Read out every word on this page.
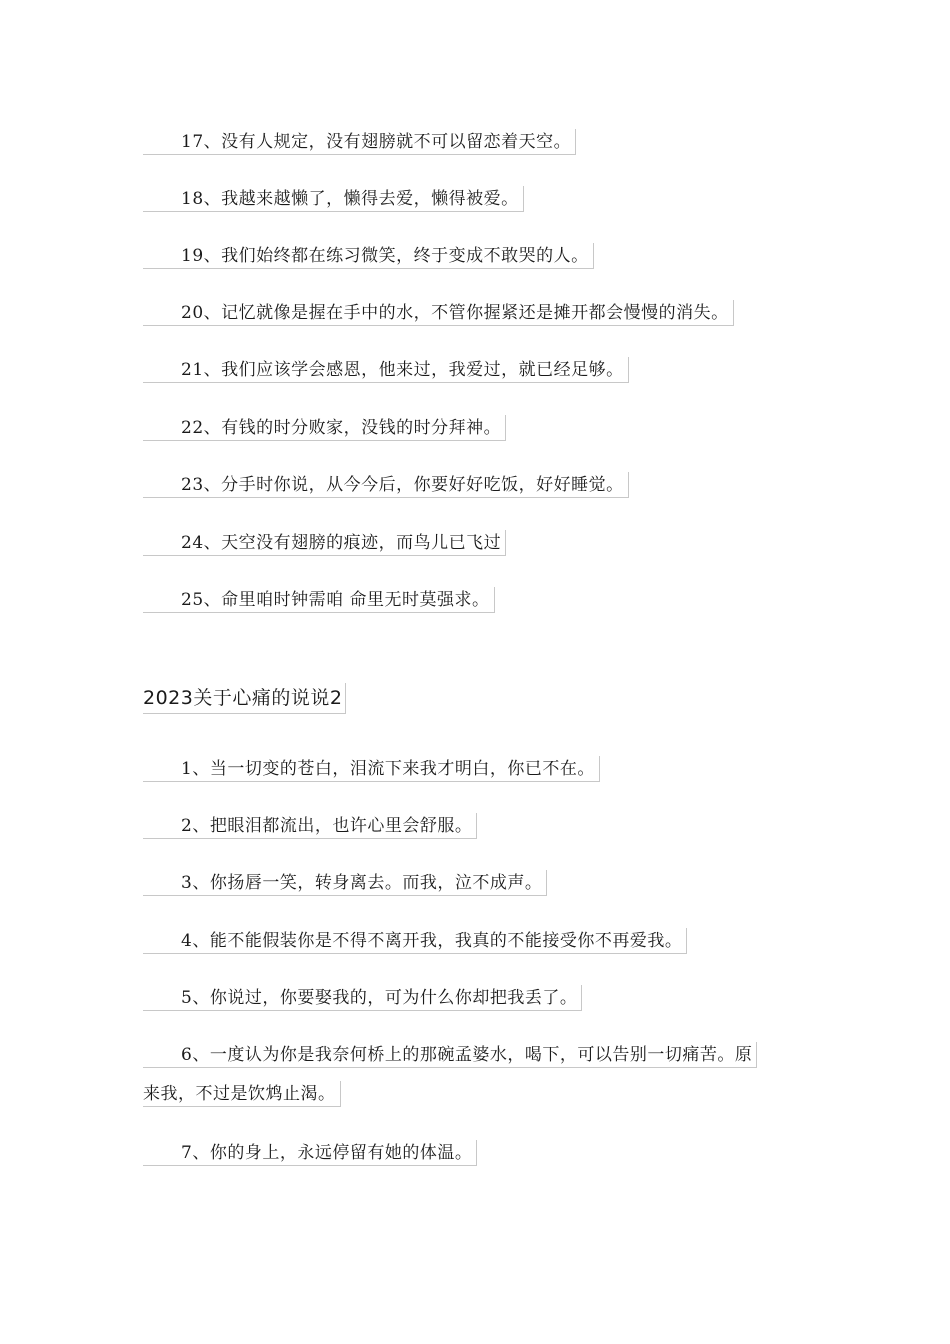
17、没有人规定，没有翅膀就不可以留恋着天空。
18、我越来越懒了，懒得去爱，懒得被爱。
19、我们始终都在练习微笑，终于变成不敢哭的人。
20、记忆就像是握在手中的水，不管你握紧还是摊开都会慢慢的消失。
21、我们应该学会感恩，他来过，我爱过，就已经足够。
22、有钱的时分败家，没钱的时分拜神。
23、分手时你说，从今今后，你要好好吃饭，好好睡觉。
24、天空没有翅膀的痕迹，而鸟儿已飞过
25、命里咱时钟需咱 命里无时莫强求。
2023关于心痛的说说2
1、当一切变的苍白，泪流下来我才明白，你已不在。
2、把眼泪都流出，也许心里会舒服。
3、你扬唇一笑，转身离去。而我，泣不成声。
4、能不能假装你是不得不离开我，我真的不能接受你不再爱我。
5、你说过，你要娶我的，可为什么你却把我丢了。
6、一度认为你是我奈何桥上的那碗孟婆水，喝下，可以告别一切痛苦。原
来我，不过是饮鸩止渴。
7、你的身上，永远停留有她的体温。
